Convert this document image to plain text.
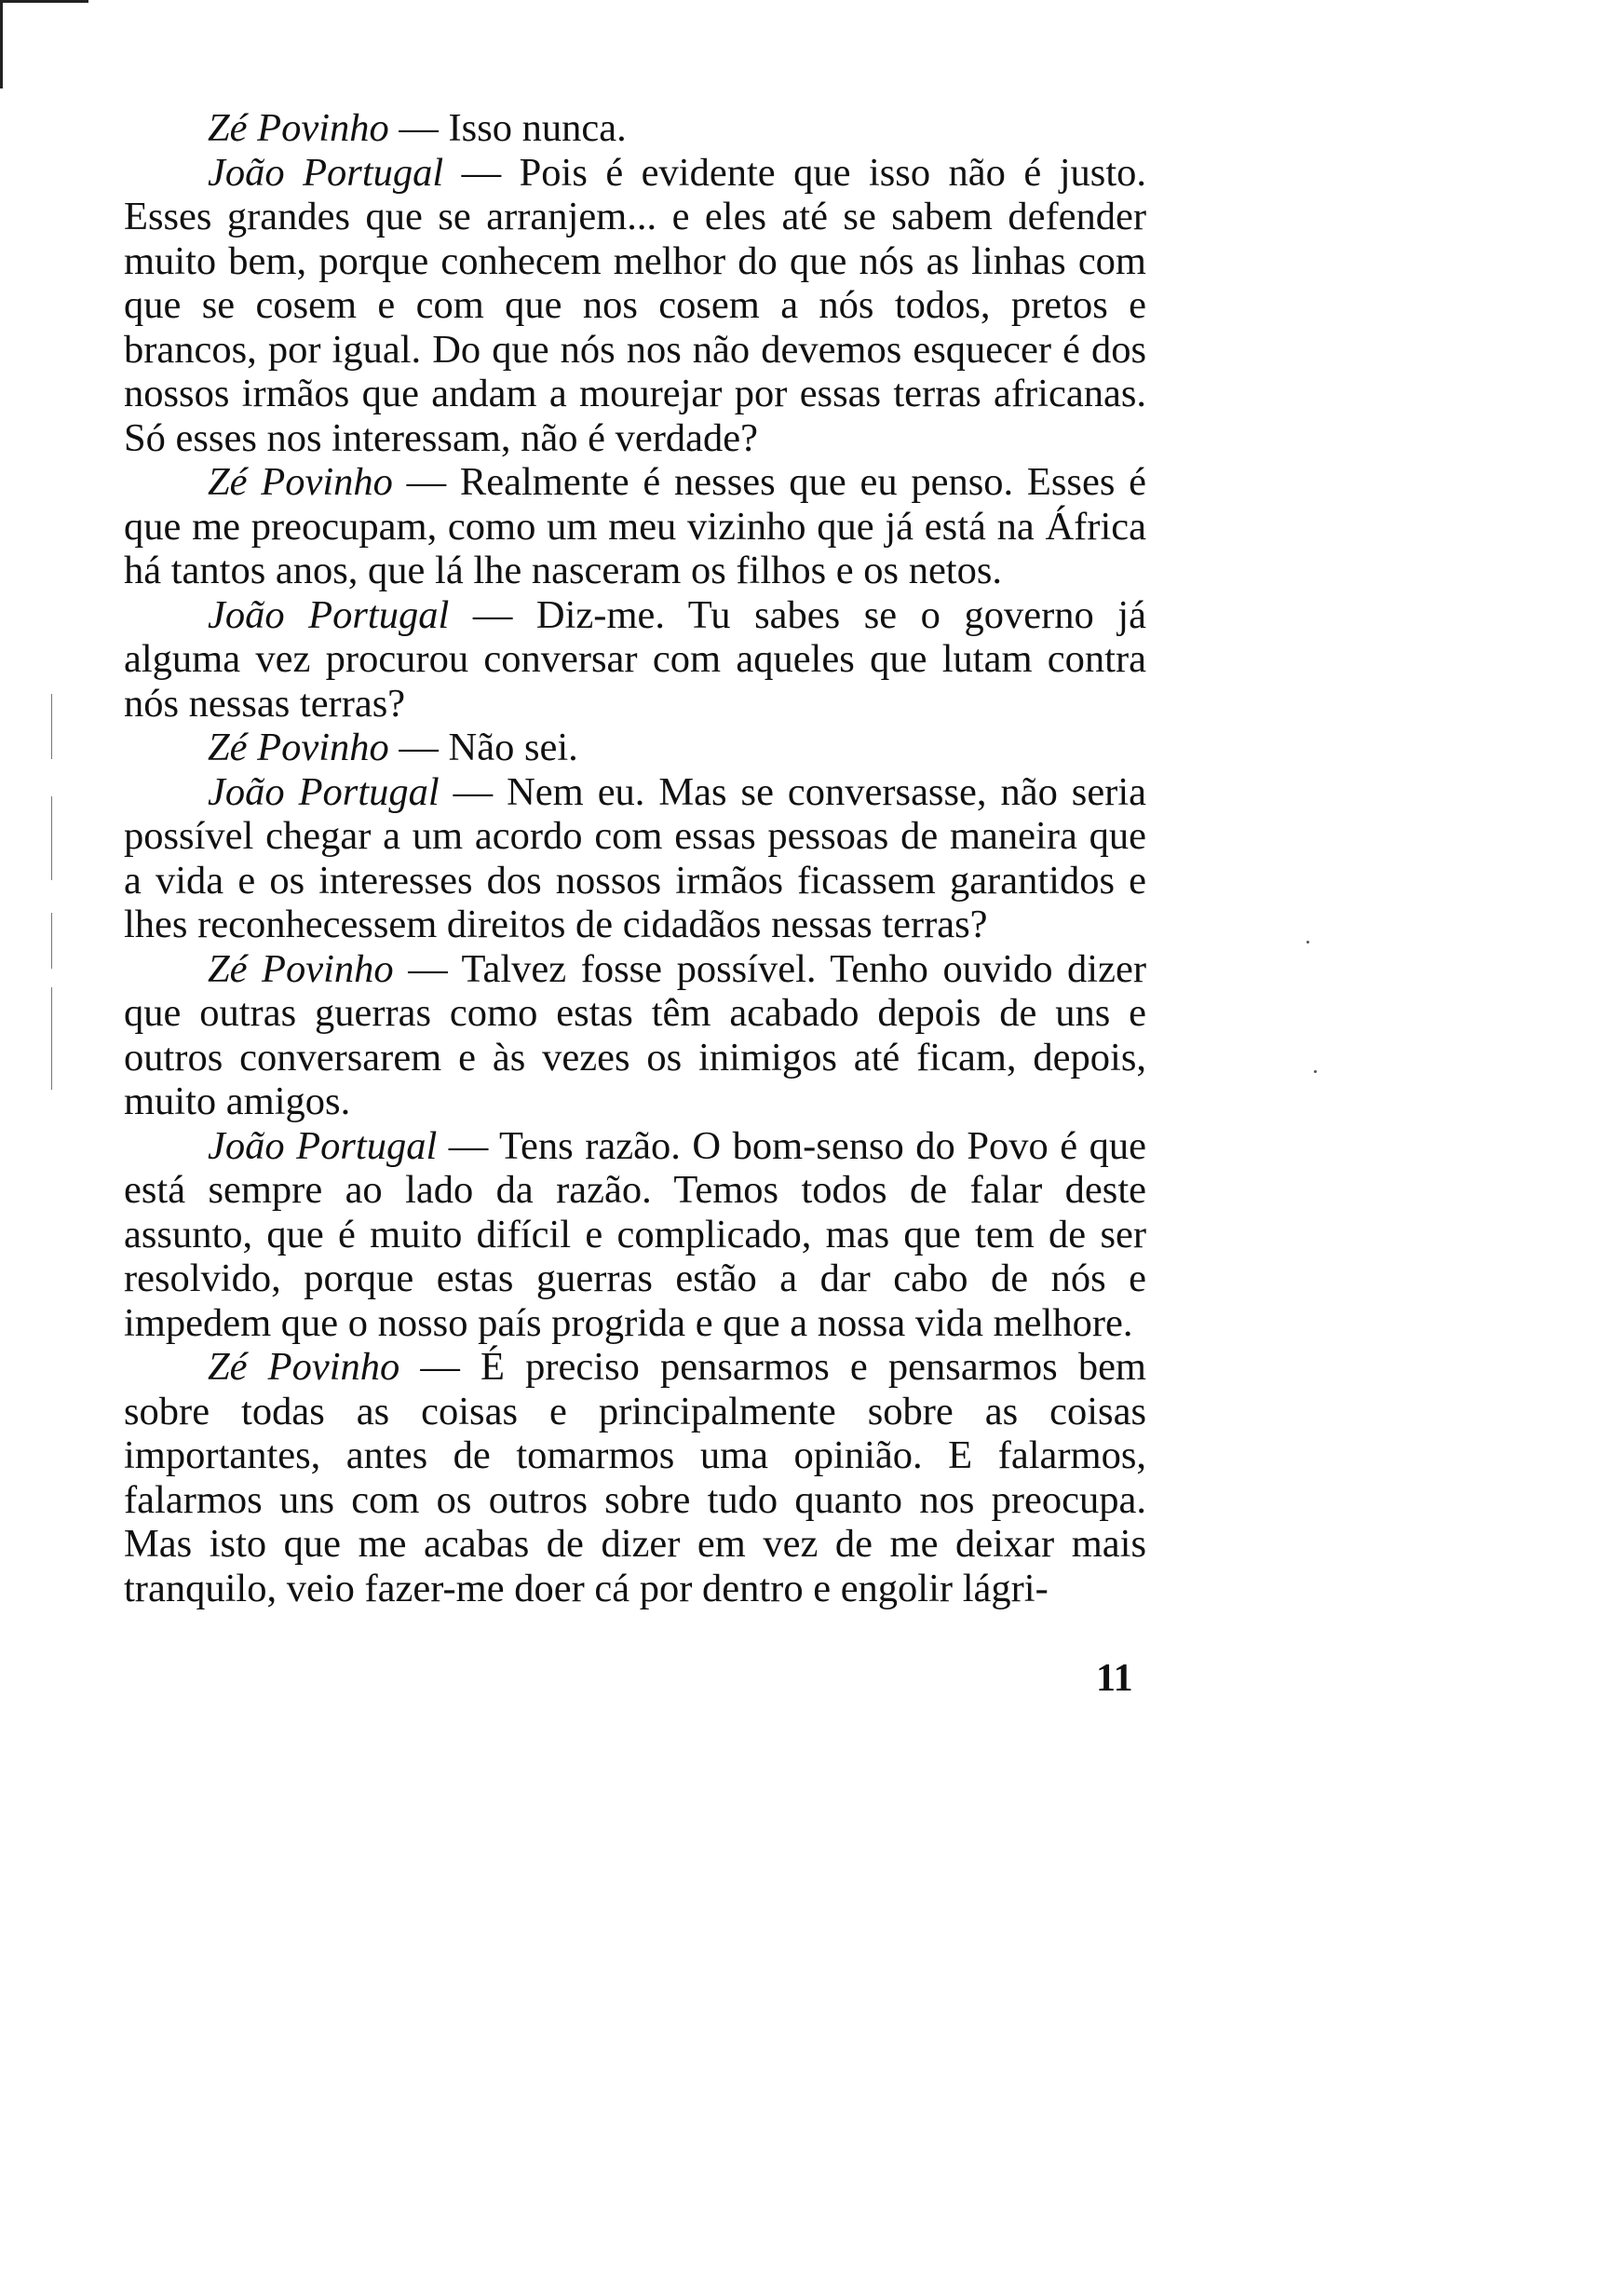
Zé Povinho — Isso nunca.

João Portugal — Pois é evidente que isso não é justo. Esses grandes que se arranjem... e eles até se sabem defender muito bem, porque conhecem melhor do que nós as linhas com que se cosem e com que nos cosem a nós todos, pretos e brancos, por igual. Do que nós nos não devemos esquecer é dos nossos irmãos que andam a mourejar por essas terras africanas. Só esses nos interessam, não é verdade?

Zé Povinho — Realmente é nesses que eu penso. Esses é que me preocupam, como um meu vizinho que já está na África há tantos anos, que lá lhe nasceram os filhos e os netos.

João Portugal — Diz-me. Tu sabes se o governo já alguma vez procurou conversar com aqueles que lutam contra nós nessas terras?

Zé Povinho — Não sei.

João Portugal — Nem eu. Mas se conversasse, não seria possível chegar a um acordo com essas pessoas de maneira que a vida e os interesses dos nossos irmãos ficassem garantidos e lhes reconhecessem direitos de cidadãos nessas terras?

Zé Povinho — Talvez fosse possível. Tenho ouvido dizer que outras guerras como estas têm acabado depois de uns e outros conversarem e às vezes os inimigos até ficam, depois, muito amigos.

João Portugal — Tens razão. O bom-senso do Povo é que está sempre ao lado da razão. Temos todos de falar deste assunto, que é muito difícil e complicado, mas que tem de ser resolvido, porque estas guerras estão a dar cabo de nós e impedem que o nosso país progrida e que a nossa vida melhore.

Zé Povinho — É preciso pensarmos e pensarmos bem sobre todas as coisas e principalmente sobre as coisas importantes, antes de tomarmos uma opinião. E falarmos, falarmos uns com os outros sobre tudo quanto nos preocupa. Mas isto que me acabas de dizer em vez de me deixar mais tranquilo, veio fazer-me doer cá por dentro e engolir lágri-

11
